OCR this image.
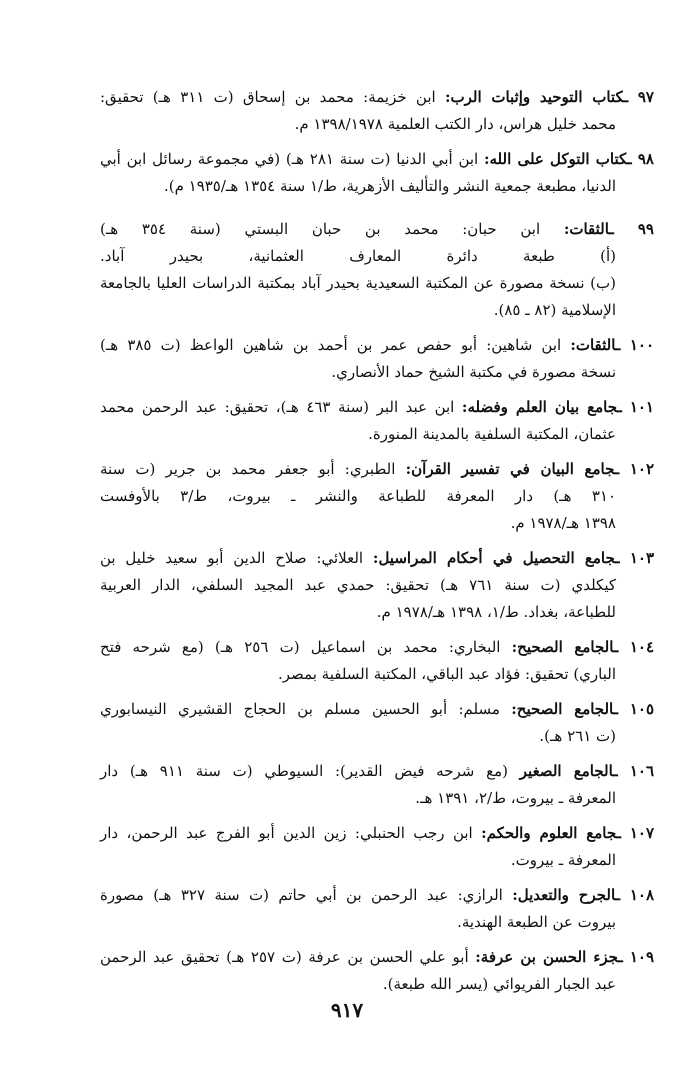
٩٧ ـكتاب التوحيد وإثبات الرب: ابن خزيمة: محمد بن إسحاق (ت ٣١١ هـ) تحقيق:
محمد خليل هراس، دار الكتب العلمية ١٣٩٨/١٩٧٨ م.
٩٨ ـكتاب التوكل على الله: ابن أبي الدنيا (ت سنة ٢٨١ هـ) (في مجموعة رسائل ابن أبي
الدنيا، مطبعة جمعية النشر والتأليف الأزهرية، ط/١ سنة ١٣٥٤ هـ/١٩٣٥ م).
٩٩ ـالثقات: ابن حبان: محمد بن حبان البستي (سنة ٣٥٤ هـ)
(أ) طبعة دائرة المعارف العثمانية، بحيدر آباد.
(ب) نسخة مصورة عن المكتبة السعيدية بحيدر آباد بمكتبة الدراسات العليا بالجامعة
الإسلامية (٨٢ ـ ٨٥).
١٠٠ ـالثقات: ابن شاهين: أبو حفص عمر بن أحمد بن شاهين الواعظ (ت ٣٨٥ هـ)
نسخة مصورة في مكتبة الشيخ حماد الأنصاري.
١٠١ ـجامع بيان العلم وفضله: ابن عبد البر (سنة ٤٦٣ هـ)، تحقيق: عبد الرحمن محمد
عثمان، المكتبة السلفية بالمدينة المنورة.
١٠٢ ـجامع البيان في تفسير القرآن: الطبري: أبو جعفر محمد بن جرير (ت سنة
٣١٠ هـ) دار المعرفة للطباعة والنشر ـ بيروت، ط/٣ بالأوفست
١٣٩٨ هـ/١٩٧٨ م.
١٠٣ ـجامع التحصيل في أحكام المراسيل: العلائي: صلاح الدين أبو سعيد خليل بن
كيكلدي (ت سنة ٧٦١ هـ) تحقيق: حمدي عبد المجيد السلفي، الدار العربية
للطباعة، بغداد. ط/١، ١٣٩٨ هـ/١٩٧٨ م.
١٠٤ ـالجامع الصحيح: البخاري: محمد بن اسماعيل (ت ٢٥٦ هـ) (مع شرحه فتح
الباري) تحقيق: فؤاد عبد الباقي، المكتبة السلفية بمصر.
١٠٥ ـالجامع الصحيح: مسلم: أبو الحسين مسلم بن الحجاج القشيري النيسابوري
(ت ٢٦١ هـ).
١٠٦ ـالجامع الصغير (مع شرحه فيض القدير): السيوطي (ت سنة ٩١١ هـ) دار
المعرفة ـ بيروت، ط/٢، ١٣٩١ هـ.
١٠٧ ـجامع العلوم والحكم: ابن رجب الحنبلي: زين الدين أبو الفرج عبد الرحمن، دار
المعرفة ـ بيروت.
١٠٨ ـالجرح والتعديل: الرازي: عبد الرحمن بن أبي حاتم (ت سنة ٣٢٧ هـ) مصورة
بيروت عن الطبعة الهندية.
١٠٩ ـجزء الحسن بن عرفة: أبو علي الحسن بن عرفة (ت ٢٥٧ هـ) تحقيق عبد الرحمن
عبد الجبار الفريوائي (يسر الله طبعة).
٩١٧
